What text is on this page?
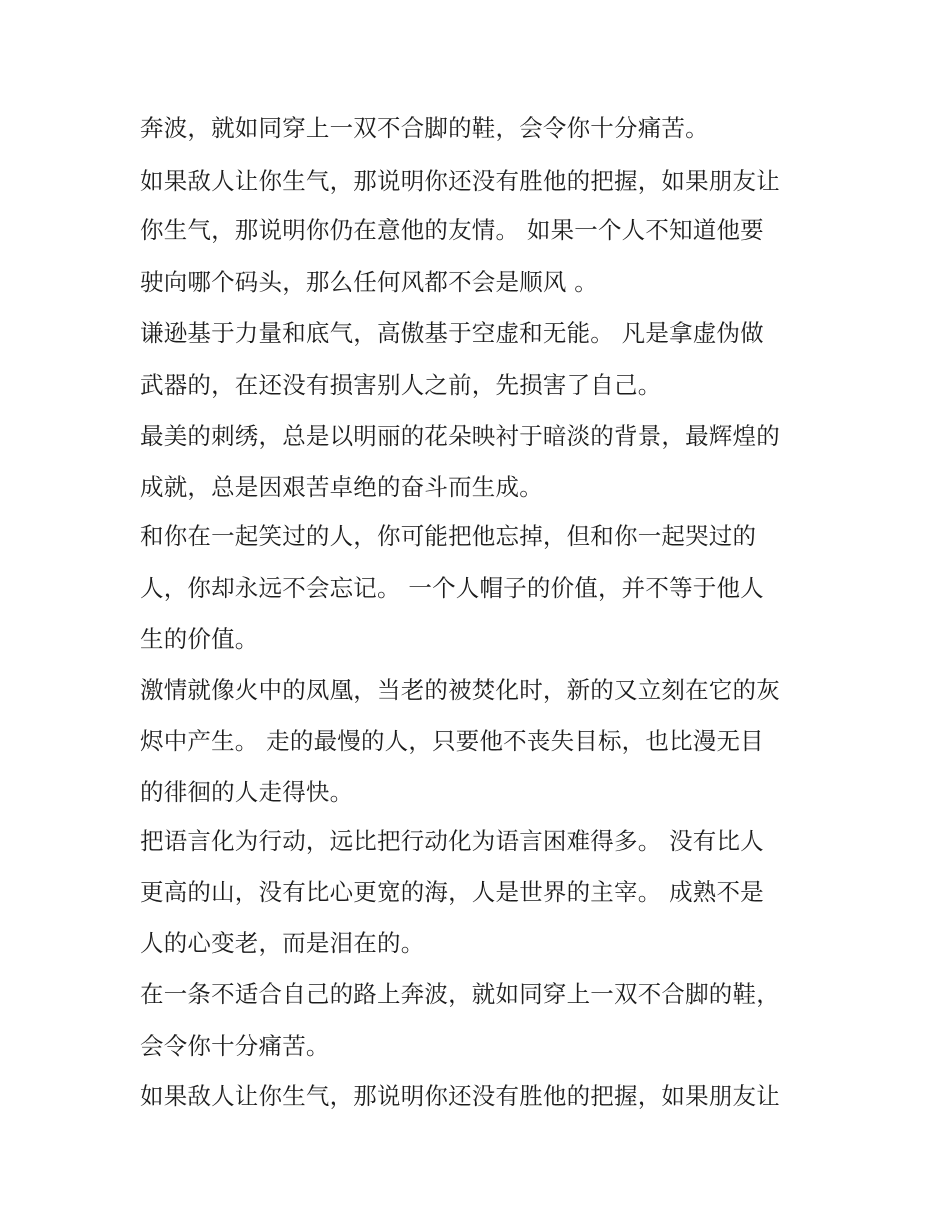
奔波，就如同穿上一双不合脚的鞋，会令你十分痛苦。
如果敌人让你生气，那说明你还没有胜他的把握，如果朋友让
你生气，那说明你仍在意他的友情。 如果一个人不知道他要
驶向哪个码头，那么任何风都不会是顺风 。
谦逊基于力量和底气，高傲基于空虚和无能。 凡是拿虚伪做
武器的，在还没有损害别人之前，先损害了自己。
最美的刺绣，总是以明丽的花朵映衬于暗淡的背景，最辉煌的
成就，总是因艰苦卓绝的奋斗而生成。
和你在一起笑过的人，你可能把他忘掉，但和你一起哭过的
人，你却永远不会忘记。 一个人帽子的价值，并不等于他人
生的价值。
激情就像火中的凤凰，当老的被焚化时，新的又立刻在它的灰
烬中产生。 走的最慢的人，只要他不丧失目标，也比漫无目
的徘徊的人走得快。
把语言化为行动，远比把行动化为语言困难得多。 没有比人
更高的山，没有比心更宽的海，人是世界的主宰。 成熟不是
人的心变老，而是泪在的。
在一条不适合自己的路上奔波，就如同穿上一双不合脚的鞋，
会令你十分痛苦。
如果敌人让你生气，那说明你还没有胜他的把握，如果朋友让
